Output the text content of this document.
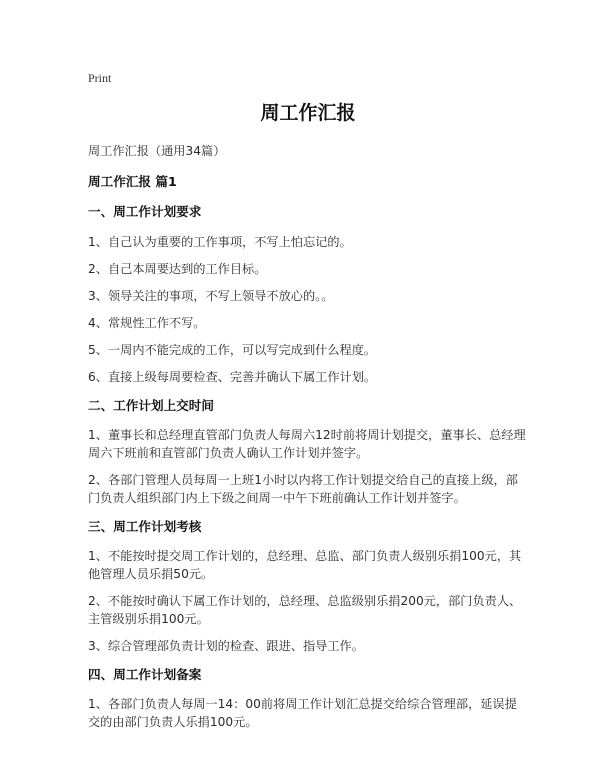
Print

周工作汇报

周工作汇报（通用34篇）

周工作汇报 篇1

一、周工作计划要求

1、自己认为重要的工作事项，不写上怕忘记的。

2、自己本周要达到的工作目标。

3、领导关注的事项，不写上领导不放心的。。

4、常规性工作不写。

5、一周内不能完成的工作，可以写完成到什么程度。

6、直接上级每周要检查、完善并确认下属工作计划。

二、工作计划上交时间

1、董事长和总经理直管部门负责人每周六12时前将周计划提交，董事长、总经理周六下班前和直管部门负责人确认工作计划并签字。

2、各部门管理人员每周一上班1小时以内将工作计划提交给自己的直接上级，部门负责人组织部门内上下级之间周一中午下班前确认工作计划并签字。

三、周工作计划考核

1、不能按时提交周工作计划的，总经理、总监、部门负责人级别乐捐100元，其他管理人员乐捐50元。

2、不能按时确认下属工作计划的，总经理、总监级别乐捐200元，部门负责人、主管级别乐捐100元。

3、综合管理部负责计划的检查、跟进、指导工作。

四、周工作计划备案

1、各部门负责人每周一14：00前将周工作计划汇总提交给综合管理部，延误提交的由部门负责人乐捐100元。
